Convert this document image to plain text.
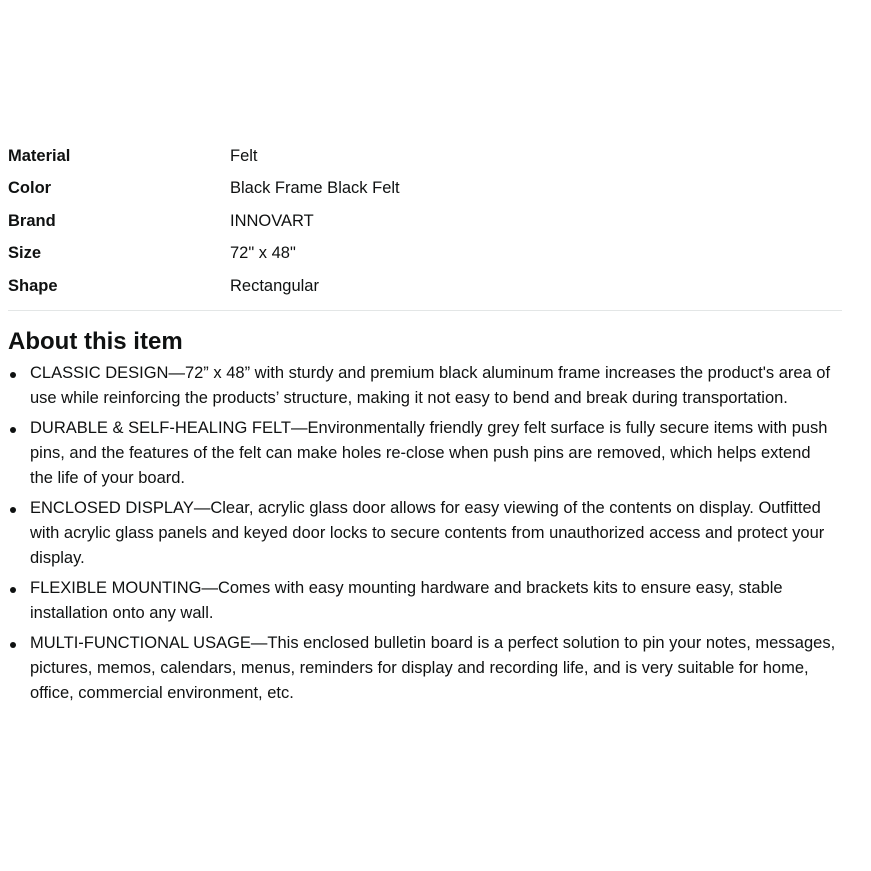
Material	Felt
Color	Black Frame Black Felt
Brand	INNOVART
Size	72" x 48"
Shape	Rectangular
About this item
CLASSIC DESIGN—72” x 48” with sturdy and premium black aluminum frame increases the product's area of use while reinforcing the products’ structure, making it not easy to bend and break during transportation.
DURABLE & SELF-HEALING FELT—Environmentally friendly grey felt surface is fully secure items with push pins, and the features of the felt can make holes re-close when push pins are removed, which helps extend the life of your board.
ENCLOSED DISPLAY—Clear, acrylic glass door allows for easy viewing of the contents on display. Outfitted with acrylic glass panels and keyed door locks to secure contents from unauthorized access and protect your display.
FLEXIBLE MOUNTING—Comes with easy mounting hardware and brackets kits to ensure easy, stable installation onto any wall.
MULTI-FUNCTIONAL USAGE—This enclosed bulletin board is a perfect solution to pin your notes, messages, pictures, memos, calendars, menus, reminders for display and recording life, and is very suitable for home, office, commercial environment, etc.
